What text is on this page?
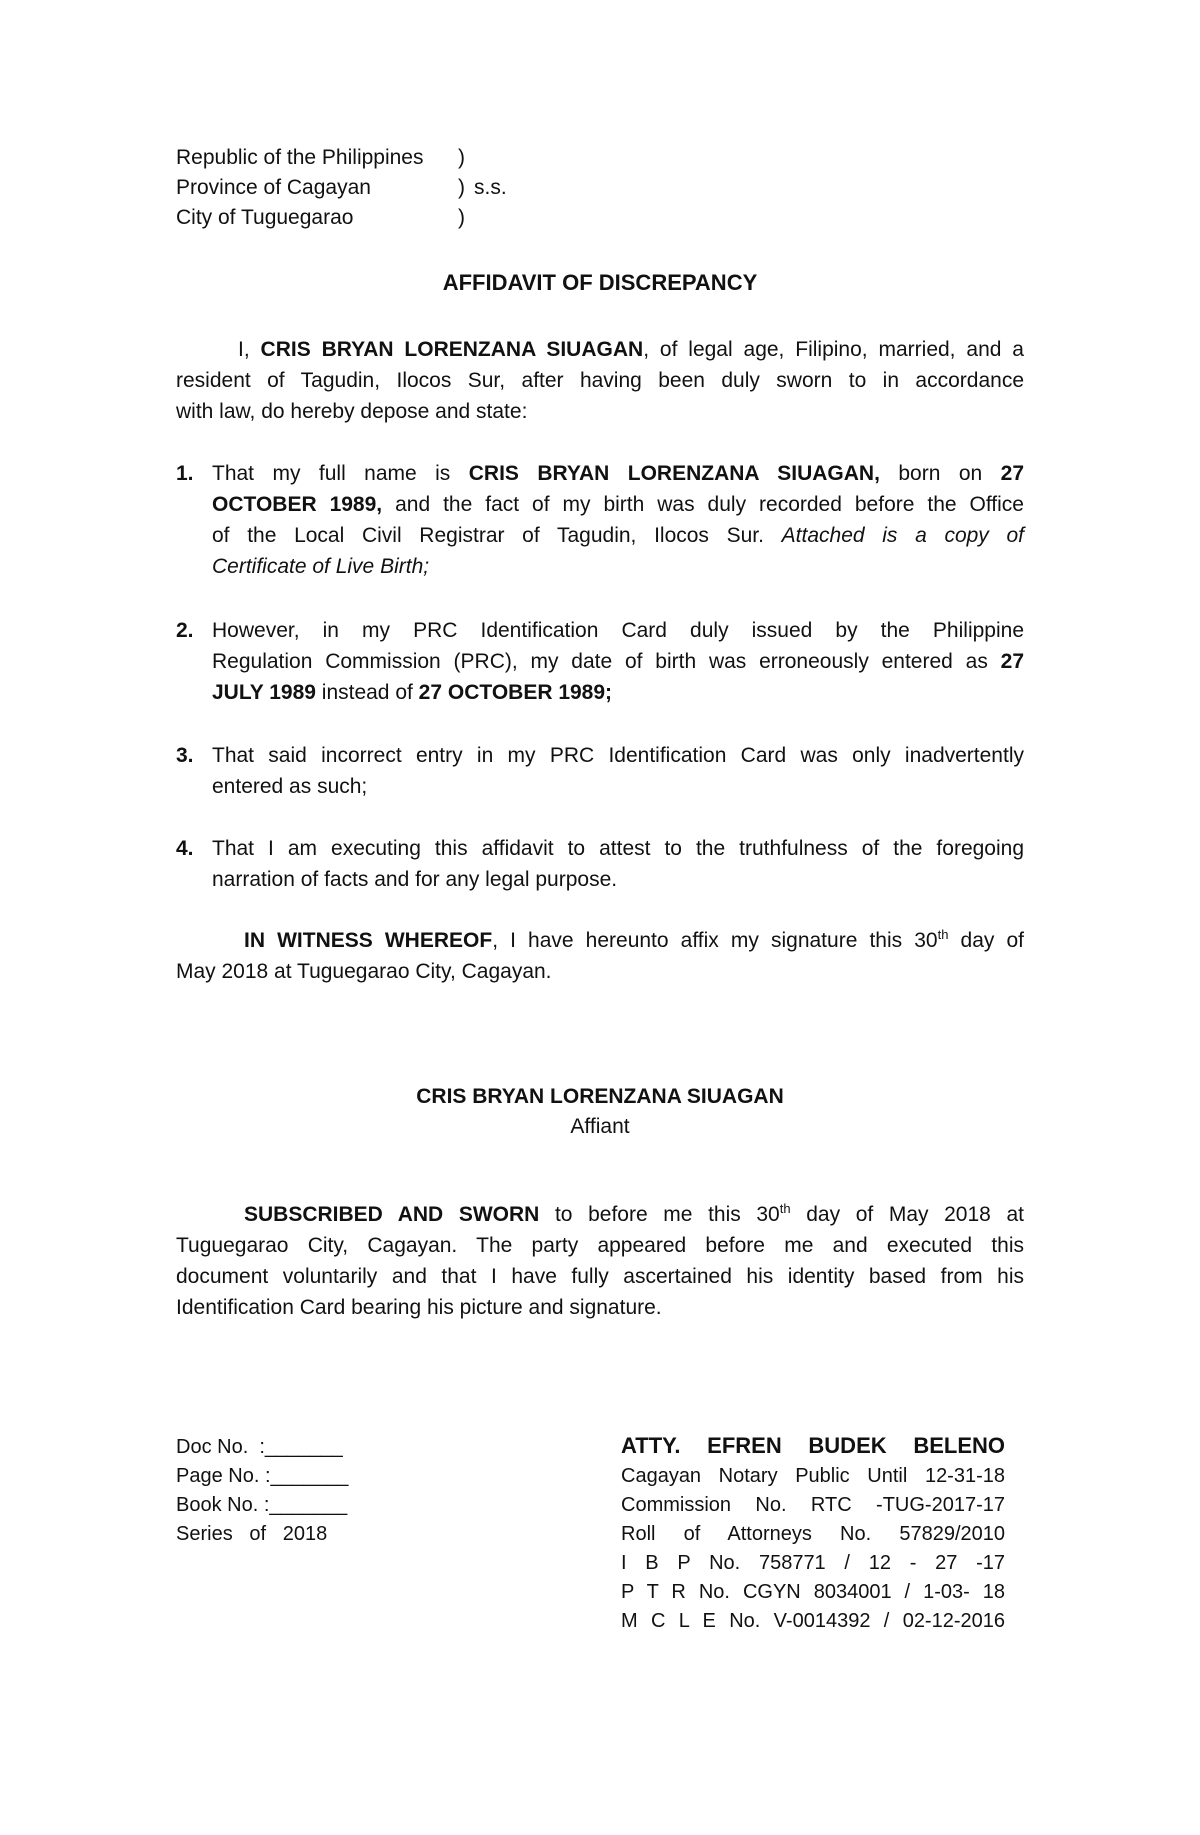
Republic of the Philippines )
Province of Cagayan	) s.s.
City of Tuguegarao	)
AFFIDAVIT OF DISCREPANCY
I, CRIS BRYAN LORENZANA SIUAGAN, of legal age, Filipino, married, and a
resident of Tagudin, Ilocos Sur, after having been duly sworn to in accordance
with law, do hereby depose and state:
1. That my full name is CRIS BRYAN LORENZANA SIUAGAN, born on 27
OCTOBER 1989, and the fact of my birth was duly recorded before the Office
of the Local Civil Registrar of Tagudin, Ilocos Sur. Attached is a copy of
Certificate of Live Birth;
2. However, in my PRC Identification Card duly issued by the Philippine
Regulation Commission (PRC), my date of birth was erroneously entered as 27
JULY 1989 instead of 27 OCTOBER 1989;
3. That said incorrect entry in my PRC Identification Card was only inadvertently
entered as such;
4. That I am executing this affidavit to attest to the truthfulness of the foregoing
narration of facts and for any legal purpose.
IN WITNESS WHEREOF, I have hereunto affix my signature this 30th day of
May 2018 at Tuguegarao City, Cagayan.
CRIS BRYAN LORENZANA SIUAGAN
Affiant
SUBSCRIBED AND SWORN to before me this 30th day of May 2018 at
Tuguegarao City, Cagayan. The party appeared before me and executed this
document voluntarily and that I have fully ascertained his identity based from his
Identification Card bearing his picture and signature.
Doc No.  :_______
Page No. :_______
Book No. :_______
Series   of   2018
ATTY. EFREN BUDEK BELENO
Cagayan Notary Public Until 12-31-18
Commission No. RTC -TUG-2017-17
Roll of Attorneys No. 57829/2010
I B P No. 758771 / 12 - 27 -17
P T R No. CGYN 8034001 / 1-03- 18
M C L E No. V-0014392 / 02-12-2016
